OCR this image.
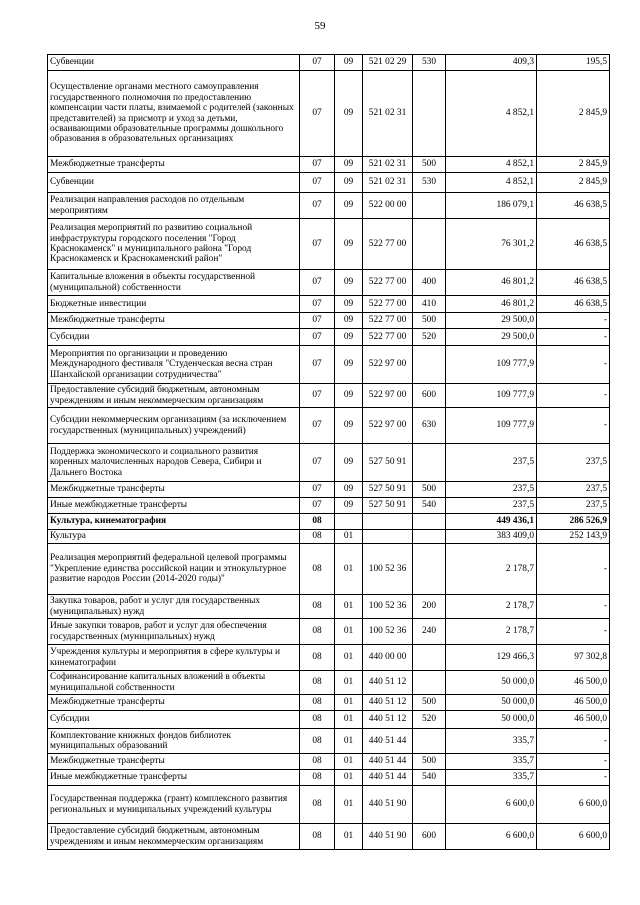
59
Субвенции	07	09	521 02 29	530	409,3	195,5
Осуществление органами местного самоуправления государственного полномочия по предоставлению компенсации части платы, взимаемой с родителей (законных представителей) за присмотр и уход за детьми, осваивающими образовательные программы дошкольного образования в образовательных организациях	07	09	521 02 31		4 852,1	2 845,9
Межбюджетные трансферты	07	09	521 02 31	500	4 852,1	2 845,9
Субвенции	07	09	521 02 31	530	4 852,1	2 845,9
Реализация направления расходов по отдельным мероприятиям	07	09	522 00 00		186 079,1	46 638,5
Реализация мероприятий по развитию социальной инфраструктуры городского поселения "Город Краснокаменск" и муниципального района "Город Краснокаменск и Краснокаменский район"	07	09	522 77 00		76 301,2	46 638,5
Капитальные вложения в объекты государственной (муниципальной) собственности	07	09	522 77 00	400	46 801,2	46 638,5
Бюджетные инвестиции	07	09	522 77 00	410	46 801,2	46 638,5
Межбюджетные трансферты	07	09	522 77 00	500	29 500,0	-
Субсидии	07	09	522 77 00	520	29 500,0	-
Мероприятия по организации и проведению Международного фестиваля "Студенческая весна стран Шанхайской организации сотрудничества"	07	09	522 97 00		109 777,9	-
Предоставление субсидий бюджетным, автономным учреждениям и иным некоммерческим организациям	07	09	522 97 00	600	109 777,9	-
Субсидии некоммерческим организациям (за исключением государственных (муниципальных) учреждений)	07	09	522 97 00	630	109 777,9	-
Поддержка экономического и социального развития коренных малочисленных народов Севера, Сибири и Дальнего Востока	07	09	527 50 91		237,5	237,5
Межбюджетные трансферты	07	09	527 50 91	500	237,5	237,5
Иные межбюджетные трансферты	07	09	527 50 91	540	237,5	237,5
Культура, кинематография	08				449 436,1	286 526,9
Культура	08	01			383 409,0	252 143,9
Реализация мероприятий федеральной целевой программы "Укрепление единства российской нации и этнокультурное развитие народов России (2014-2020 годы)"	08	01	100 52 36		2 178,7	-
Закупка товаров, работ и услуг для государственных (муниципальных) нужд	08	01	100 52 36	200	2 178,7	-
Иные закупки товаров, работ и услуг для обеспечения государственных (муниципальных) нужд	08	01	100 52 36	240	2 178,7	-
Учреждения культуры и мероприятия в сфере культуры и кинематографии	08	01	440 00 00		129 466,3	97 302,8
Софинансирование капитальных вложений в объекты муниципальной собственности	08	01	440 51 12		50 000,0	46 500,0
Межбюджетные трансферты	08	01	440 51 12	500	50 000,0	46 500,0
Субсидии	08	01	440 51 12	520	50 000,0	46 500,0
Комплектование книжных фондов библиотек муниципальных образований	08	01	440 51 44		335,7	-
Межбюджетные трансферты	08	01	440 51 44	500	335,7	-
Иные межбюджетные трансферты	08	01	440 51 44	540	335,7	-
Государственная поддержка (грант) комплексного развития региональных и муниципальных учреждений культуры	08	01	440 51 90		6 600,0	6 600,0
Предоставление субсидий бюджетным, автономным учреждениям и иным некоммерческим организациям	08	01	440 51 90	600	6 600,0	6 600,0
